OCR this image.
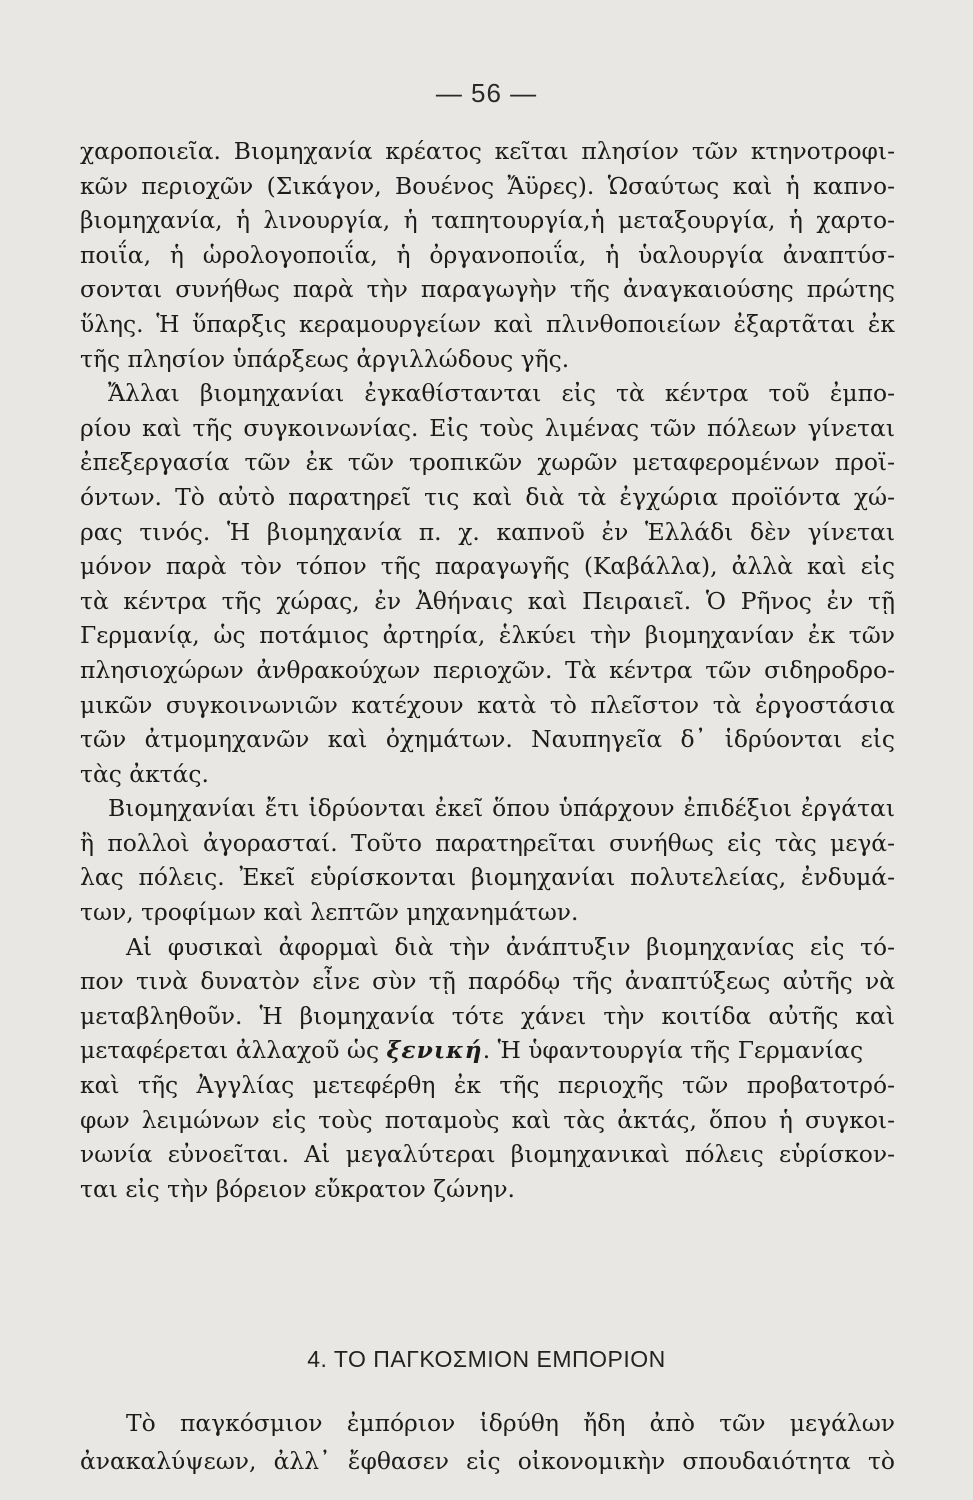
— 56 —

χαροποιεῖα. Βιομηχανία κρέατος κεῖται πλησίον τῶν κτηνοτροφι-
κῶν περιοχῶν (Σικάγον, Βουένος Ἄϋρες). Ὡσαύτως καὶ ἡ καπνο-
βιομηχανία, ἡ λινουργία, ἡ ταπητουργία,ἡ μεταξουργία, ἡ χαρτο-
ποιΐα, ἡ ὡρολογοποιΐα, ἡ ὀργανοποιΐα, ἡ ὑαλουργία ἀναπτύσ-
σονται συνήθως παρὰ τὴν παραγωγὴν τῆς ἀναγκαιούσης πρώτης
ὕλης. Ἡ ὕπαρξις κεραμουργείων καὶ πλινθοποιείων ἐξαρτᾶται ἐκ
τῆς πλησίον ὑπάρξεως ἀργιλλώδους γῆς.

Ἄλλαι βιομηχανίαι ἐγκαθίστανται εἰς τὰ κέντρα τοῦ ἐμπο-
ρίου καὶ τῆς συγκοινωνίας. Εἰς τοὺς λιμένας τῶν πόλεων γίνεται
ἐπεξεργασία τῶν ἐκ τῶν τροπικῶν χωρῶν μεταφερομένων προϊ-
όντων. Τὸ αὐτὸ παρατηρεῖ τις καὶ διὰ τὰ ἐγχώρια προϊόντα χώ-
ρας τινός. Ἡ βιομηχανία π. χ. καπνοῦ ἐν Ἑλλάδι δὲν γίνεται
μόνον παρὰ τὸν τόπον τῆς παραγωγῆς (Καβάλλα), ἀλλὰ καὶ εἰς
τὰ κέντρα τῆς χώρας, ἐν Ἀθήναις καὶ Πειραιεῖ. Ὁ Ρῆνος ἐν τῇ
Γερμανίᾳ, ὡς ποτάμιος ἀρτηρία, ἑλκύει τὴν βιομηχανίαν ἐκ τῶν
πλησιοχώρων ἀνθρακούχων περιοχῶν. Τὰ κέντρα τῶν σιδηροδρο-
μικῶν συγκοινωνιῶν κατέχουν κατὰ τὸ πλεῖστον τὰ ἐργοστάσια
τῶν ἀτμομηχανῶν καὶ ὀχημάτων. Ναυπηγεῖα δ᾽ ἱδρύονται εἰς
τὰς ἀκτάς.

Βιομηχανίαι ἔτι ἱδρύονται ἐκεῖ ὅπου ὑπάρχουν ἐπιδέξιοι ἐργάται
ἢ πολλοὶ ἀγορασταί. Τοῦτο παρατηρεῖται συνήθως εἰς τὰς μεγά-
λας πόλεις. Ἐκεῖ εὑρίσκονται βιομηχανίαι πολυτελείας, ἐνδυμά-
των, τροφίμων καὶ λεπτῶν μηχανημάτων.

Αἱ φυσικαὶ ἀφορμαὶ διὰ τὴν ἀνάπτυξιν βιομηχανίας εἰς τό-
πον τινὰ δυνατὸν εἶνε σὺν τῇ παρόδῳ τῆς ἀναπτύξεως αὐτῆς νὰ
μεταβληθοῦν. Ἡ βιομηχανία τότε χάνει τὴν κοιτίδα αὐτῆς καὶ
μεταφέρεται ἀλλαχοῦ ὡς ξενική. Ἡ ὑφαντουργία τῆς Γερμανίας
καὶ τῆς Ἀγγλίας μετεφέρθη ἐκ τῆς περιοχῆς τῶν προβατοτρό-
φων λειμώνων εἰς τοὺς ποταμοὺς καὶ τὰς ἀκτάς, ὅπου ἡ συγκοι-
νωνία εὐνοεῖται. Αἱ μεγαλύτεραι βιομηχανικαὶ πόλεις εὑρίσκον-
ται εἰς τὴν βόρειον εὔκρατον ζώνην.

4. ΤΟ ΠΑΓΚΟΣΜΙΟΝ ΕΜΠΟΡΙΟΝ
Τὸ παγκόσμιον ἐμπόριον ἱδρύθη ἤδη ἀπὸ τῶν μεγάλων
ἀνακαλύψεων, ἀλλ᾽ ἔφθασεν εἰς οἰκονομικὴν σπουδαιότητα τὸ
